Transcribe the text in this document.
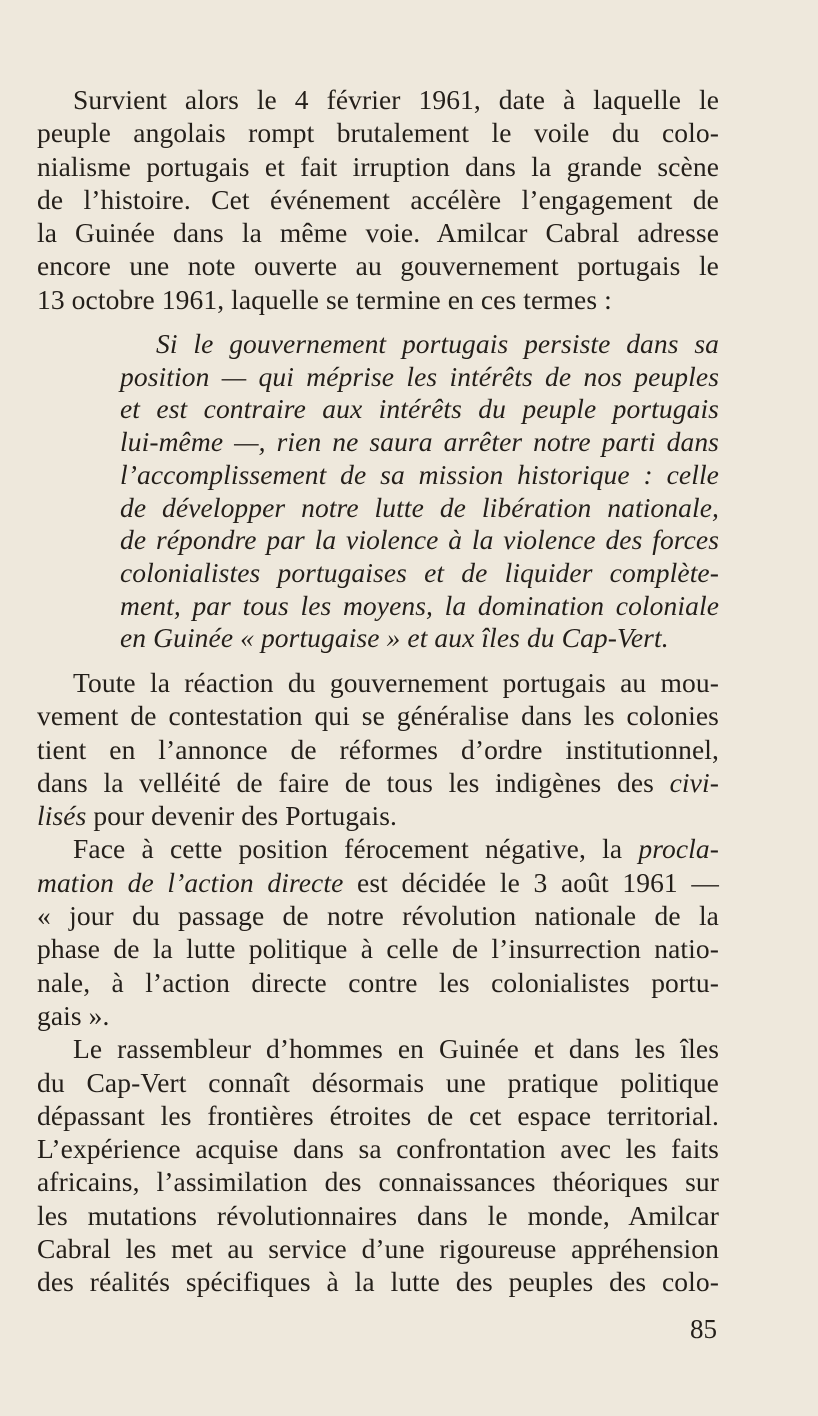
Survient alors le 4 février 1961, date à laquelle le
peuple angolais rompt brutalement le voile du colo-
nialisme portugais et fait irruption dans la grande scène
de l’histoire. Cet événement accélère l’engagement de
la Guinée dans la même voie. Amilcar Cabral adresse
encore une note ouverte au gouvernement portugais le
13 octobre 1961, laquelle se termine en ces termes :
Si le gouvernement portugais persiste dans sa
position — qui méprise les intérêts de nos peuples
et est contraire aux intérêts du peuple portugais
lui-même —, rien ne saura arrêter notre parti dans
l’accomplissement de sa mission historique : celle
de développer notre lutte de libération nationale,
de répondre par la violence à la violence des forces
colonialistes portugaises et de liquider complète-
ment, par tous les moyens, la domination coloniale
en Guinée « portugaise » et aux îles du Cap-Vert.
Toute la réaction du gouvernement portugais au mou-
vement de contestation qui se généralise dans les colonies
tient en l’annonce de réformes d’ordre institutionnel,
dans la velléité de faire de tous les indigènes des civi-
lisés pour devenir des Portugais.
Face à cette position férocement négative, la procla-
mation de l’action directe est décidée le 3 août 1961 —
« jour du passage de notre révolution nationale de la
phase de la lutte politique à celle de l’insurrection natio-
nale, à l’action directe contre les colonialistes portu-
gais ».
Le rassembleur d’hommes en Guinée et dans les îles
du Cap-Vert connaît désormais une pratique politique
dépassant les frontières étroites de cet espace territorial.
L’expérience acquise dans sa confrontation avec les faits
africains, l’assimilation des connaissances théoriques sur
les mutations révolutionnaires dans le monde, Amilcar
Cabral les met au service d’une rigoureuse appréhension
des réalités spécifiques à la lutte des peuples des colo-
85
